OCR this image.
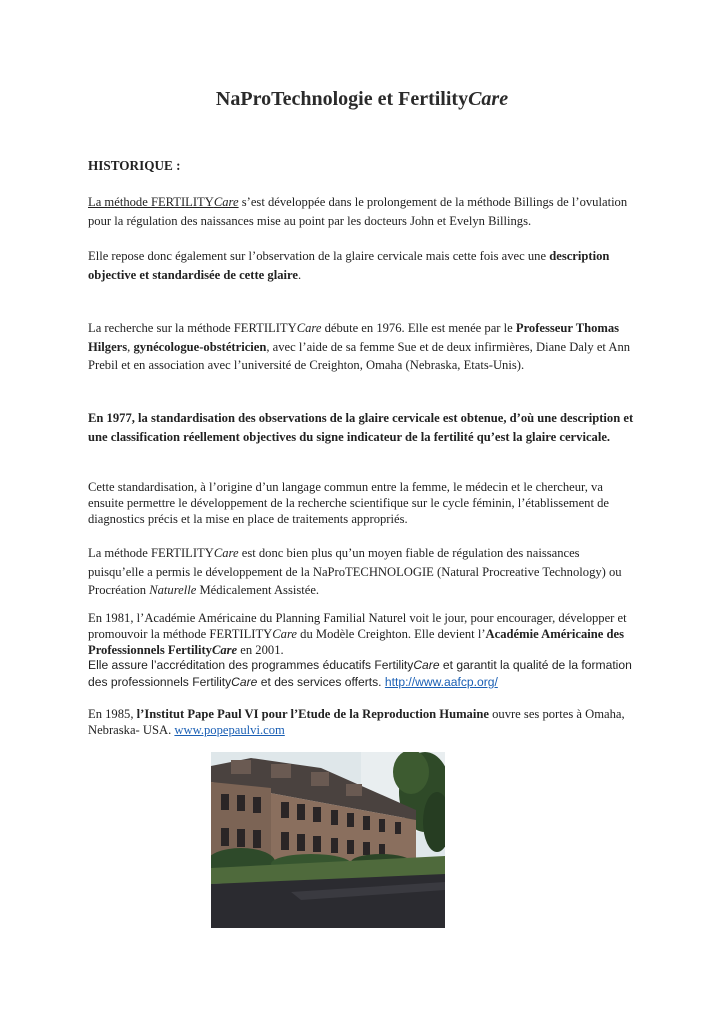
NaProTechnologie et FertilityCare
HISTORIQUE :

La méthode FERTILITYCare s’est développée dans le prolongement de la méthode Billings de l’ovulation pour la régulation des naissances mise au point par les docteurs John et Evelyn Billings.

Elle repose donc également sur l’observation de la glaire cervicale mais cette fois avec une description objective et standardisée de cette glaire.

La recherche sur la méthode FERTILITYCare débute en 1976. Elle est menée par le Professeur Thomas Hilgers, gynécologue-obstétricien, avec l’aide de sa femme Sue et de deux infirmières, Diane Daly et Ann Prebil et en association avec l’université de Creighton, Omaha (Nebraska, Etats-Unis).

En 1977, la standardisation des observations de la glaire cervicale est obtenue, d’où une description et une classification réellement objectives du signe indicateur de la fertilité qu’est la glaire cervicale.

Cette standardisation, à l’origine d’un langage commun entre la femme, le médecin et le chercheur, va ensuite permettre le développement de la recherche scientifique sur le cycle féminin, l’établissement de diagnostics précis et la mise en place de traitements appropriés.

La méthode FERTILITYCare est donc bien plus qu’un moyen fiable de régulation des naissances puisqu’elle a permis le développement de la NaProTECHNOLOGIE (Natural Procreative Technology) ou Procréation Naturelle Médicalement Assistée.

En 1981, l’Académie Américaine du Planning Familial Naturel voit le jour, pour encourager, développer et promouvoir la méthode FERTILITYCare du Modèle Creighton. Elle devient l’Académie Américaine des Professionnels FertilityCare en 2001.

Elle assure l’accréditation des programmes éducatifs FertilityCare et garantit la qualité de la formation des professionnels FertilityCare et des services offerts. http://www.aafcp.org/

En 1985, l’Institut Pape Paul VI pour l’Etude de la Reproduction Humaine ouvre ses portes à Omaha, Nebraska- USA. www.popepaulvi.com
